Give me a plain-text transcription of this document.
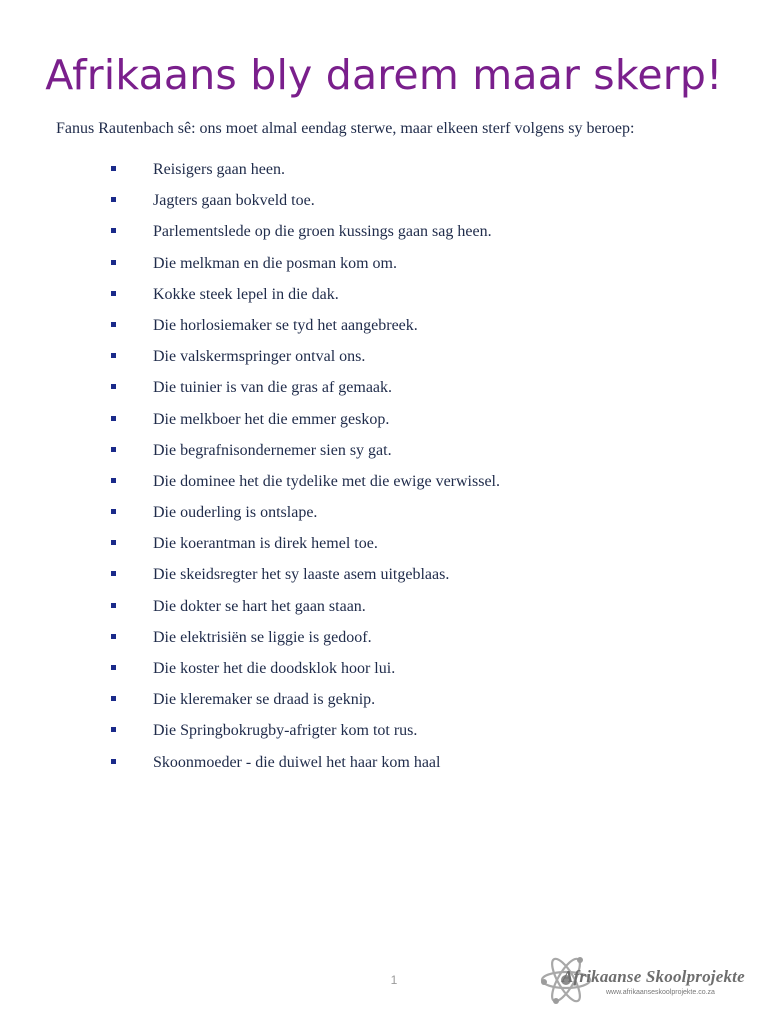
Afrikaans bly darem maar skerp!

Fanus Rautenbach sê: ons moet almal eendag sterwe, maar elkeen sterf volgens sy beroep:

Reisigers gaan heen.
Jagters gaan bokveld toe.
Parlementslede op die groen kussings gaan sag heen.
Die melkman en die posman kom om.
Kokke steek lepel in die dak.
Die horlosiemaker se tyd het aangebreek.
Die valskermspringer ontval ons.
Die tuinier is van die gras af gemaak.
Die melkboer het die emmer geskop.
Die begrafnisondernemer sien sy gat.
Die dominee het die tydelike met die ewige verwissel.
Die ouderling is ontslape.
Die koerantman is direk hemel toe.
Die skeidsregter het sy laaste asem uitgeblaas.
Die dokter se hart het gaan staan.
Die elektrisiën se liggie is gedoof.
Die koster het die doodsklok hoor lui.
Die kleremaker se draad is geknip.
Die Springbokrugby-afrigter kom tot rus.
Skoonmoeder - die duiwel het haar kom haal
1	Afrikaanse Skoolprojekte
www.afrikaanseskoolprojekte.co.za
